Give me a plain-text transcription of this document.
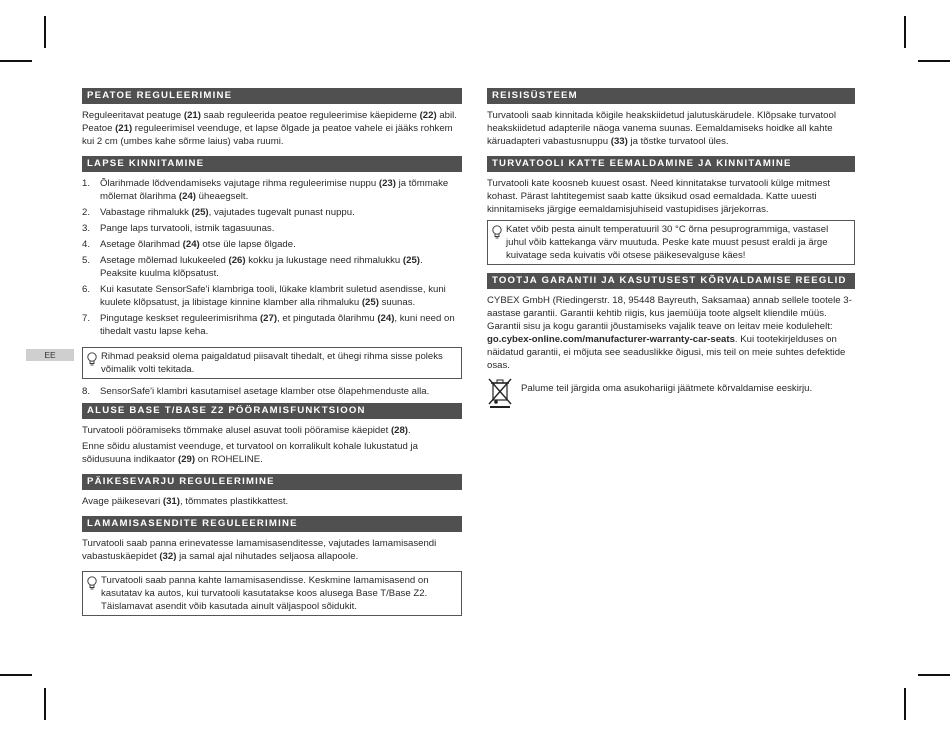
EE
PEATOE REGULEERIMINE

Reguleeritavat peatuge (21) saab reguleerida peatoe reguleerimise käepideme (22) abil. Peatoe (21) reguleerimisel veenduge, et lapse õlgade ja peatoe vahele ei jääks rohkem kui 2 cm (umbes kahe sõrme laius) vaba ruumi.

LAPSE KINNITAMINE
1. Õlarihmade lõdvendamiseks vajutage rihma reguleerimise nuppu (23) ja tõmmake mõlemat õlarihma (24) üheaegselt.
2. Vabastage rihmalukk (25), vajutades tugevalt punast nuppu.
3. Pange laps turvatooli, istmik tagasuunas.
4. Asetage õlarihmad (24) otse üle lapse õlgade.
5. Asetage mõlemad lukukeeled (26) kokku ja lukustage need rihmalukku (25). Peaksite kuulma klõpsatust.
6. Kui kasutate SensorSafe'i klambriga tooli, lükake klambrit suletud asendisse, kuni kuulete klõpsatust, ja libistage kinnine klamber alla rihmaluku (25) suunas.
7. Pingutage keskset reguleerimisrihma (27), et pingutada õlarihmu (24), kuni need on tihedalt vastu lapse keha.
Rihmad peaksid olema paigaldatud piisavalt tihedalt, et ühegi rihma sisse poleks võimalik volti tekitada.
8. SensorSafe'i klambri kasutamisel asetage klamber otse õlapehmenduste alla.
ALUSE BASE T/BASE Z2 PÖÖRAMISFUNKTSIOON

Turvatooli pööramiseks tõmmake alusel asuvat tooli pööramise käepidet (28).

Enne sõidu alustamist veenduge, et turvatool on korralikult kohale lukustatud ja sõidusuuna indikaator (29) on ROHELINE.

PÄIKESEVARJU REGULEERIMINE

Avage päikesevari (31), tõmmates plastikkattest.

LAMAMISASENDITE REGULEERIMINE

Turvatooli saab panna erinevatesse lamamisasenditesse, vajutades lamamisasendi vabastuskäepidet (32) ja samal ajal nihutades seljaosa allapoole.

Turvatooli saab panna kahte lamamisasendisse. Keskmine lamamisasend on kasutatav ka autos, kui turvatooli kasutatakse koos alusega Base T/Base Z2. Täislamavat asendit võib kasutada ainult väljaspool sõidukit.
REISISÜSTEEM

Turvatooli saab kinnitada kõigile heakskiidetud jalutuskärudele. Klõpsake turvatool heakskiidetud adapterile näoga vanema suunas. Eemaldamiseks hoidke all kahte käruadapteri vabastusnuppu (33) ja tõstke turvatool üles.

TURVATOOLI KATTE EEMALDAMINE JA KINNITAMINE

Turvatooli kate koosneb kuuest osast. Need kinnitatakse turvatooli külge mitmest kohast. Pärast lahtitegemist saab katte üksikud osad eemaldada. Katte uuesti kinnitamiseks järgige eemaldamisjuhiseid vastupidises järjekorras.

Katet võib pesta ainult temperatuuril 30 °C õrna pesuprogrammiga, vastasel juhul võib kattekanga värv muutuda. Peske kate muust pesust eraldi ja ärge kuivatage seda kuivatis või otsese päikesevalguse käes!
TOOTJA GARANTII JA KASUTUSEST KÕRVALDAMISE REEGLID

CYBEX GmbH (Riedingerstr. 18, 95448 Bayreuth, Saksamaa) annab sellele tootele 3-aastase garantii. Garantii kehtib riigis, kus jaemüüja toote algselt kliendile müüs. Garantii sisu ja kogu garantii jõustamiseks vajalik teave on leitav meie kodulehelt: go.cybex-online.com/manufacturer-warranty-car-seats. Kui tootekirjelduses on näidatud garantii, ei mõjuta see seaduslikke õigusi, mis teil on meie suhtes defektide osas.

Palume teil järgida oma asukohariigi jäätmete kõrvaldamise eeskirju.
